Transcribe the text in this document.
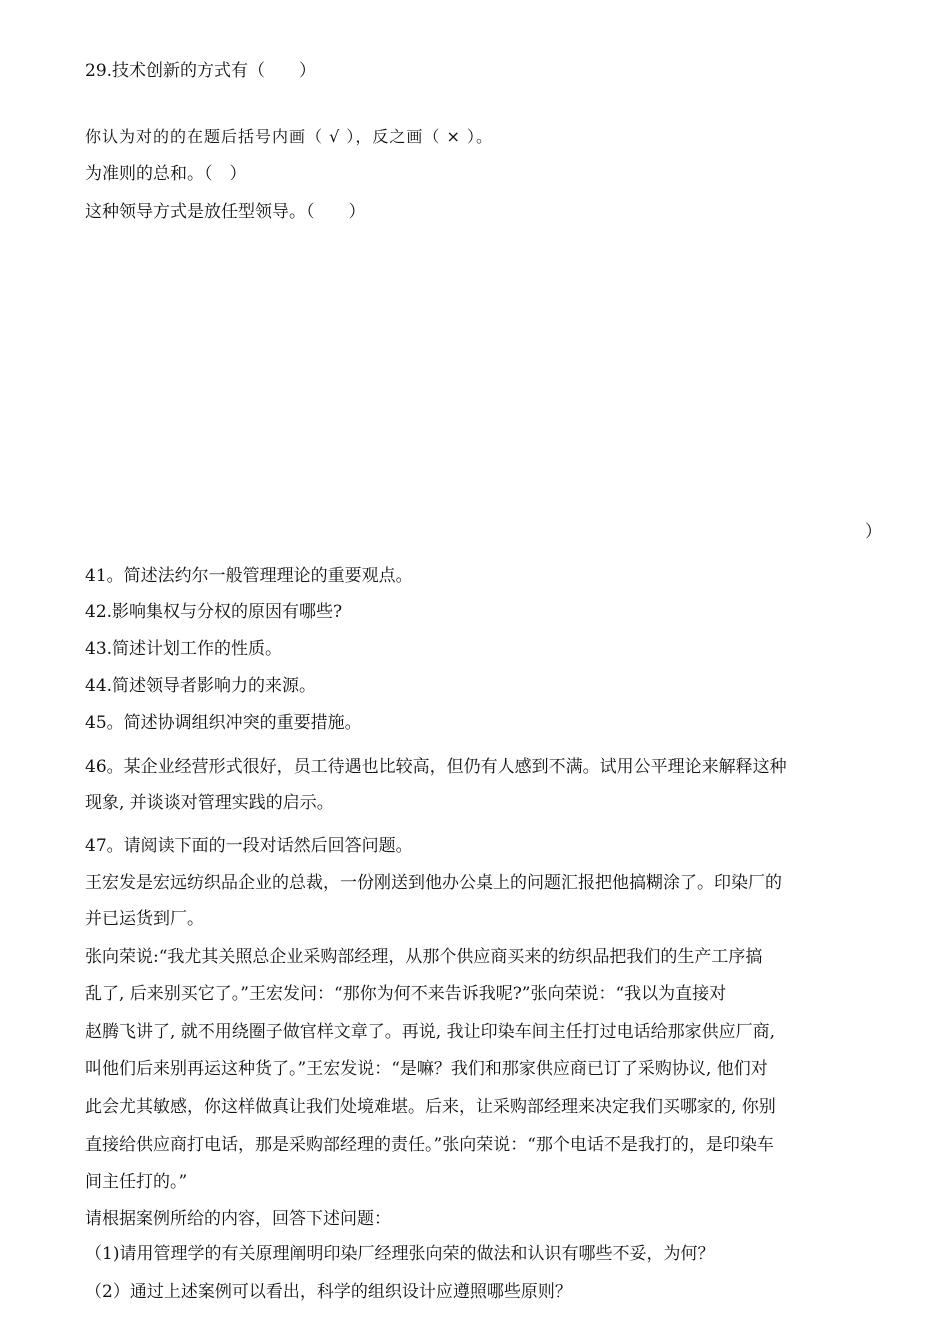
29.技术创新的方式有（　　）
你认为对的的在题后括号内画（ √ ），反之画（ × ）。
为准则的总和。（　）
这种领导方式是放任型领导。（　　）
）
41。简述法约尔一般管理理论的重要观点。
42.影响集权与分权的原因有哪些?
43.简述计划工作的性质。
44.简述领导者影响力的来源。
45。简述协调组织冲突的重要措施。
46。某企业经营形式很好，员工待遇也比较高，但仍有人感到不满。试用公平理论来解释这种
现象, 并谈谈对管理实践的启示。
47。请阅读下面的一段对话然后回答问题。
王宏发是宏远纺织品企业的总裁，一份刚送到他办公桌上的问题汇报把他搞糊涂了。印染厂的
并已运货到厂。
张向荣说:“我尤其关照总企业采购部经理，从那个供应商买来的纺织品把我们的生产工序搞
乱了, 后来别买它了。”王宏发问：“那你为何不来告诉我呢?”张向荣说：“我以为直接对
赵腾飞讲了, 就不用绕圈子做官样文章了。再说, 我让印染车间主任打过电话给那家供应厂商,
叫他们后来别再运这种货了。”王宏发说：“是嘛？我们和那家供应商已订了采购协议, 他们对
此会尤其敏感，你这样做真让我们处境难堪。后来，让采购部经理来决定我们买哪家的, 你别
直接给供应商打电话，那是采购部经理的责任。”张向荣说：“那个电话不是我打的，是印染车
间主任打的。”
请根据案例所给的内容，回答下述问题：
（1)请用管理学的有关原理阐明印染厂经理张向荣的做法和认识有哪些不妥，为何？
（2）通过上述案例可以看出，科学的组织设计应遵照哪些原则？
